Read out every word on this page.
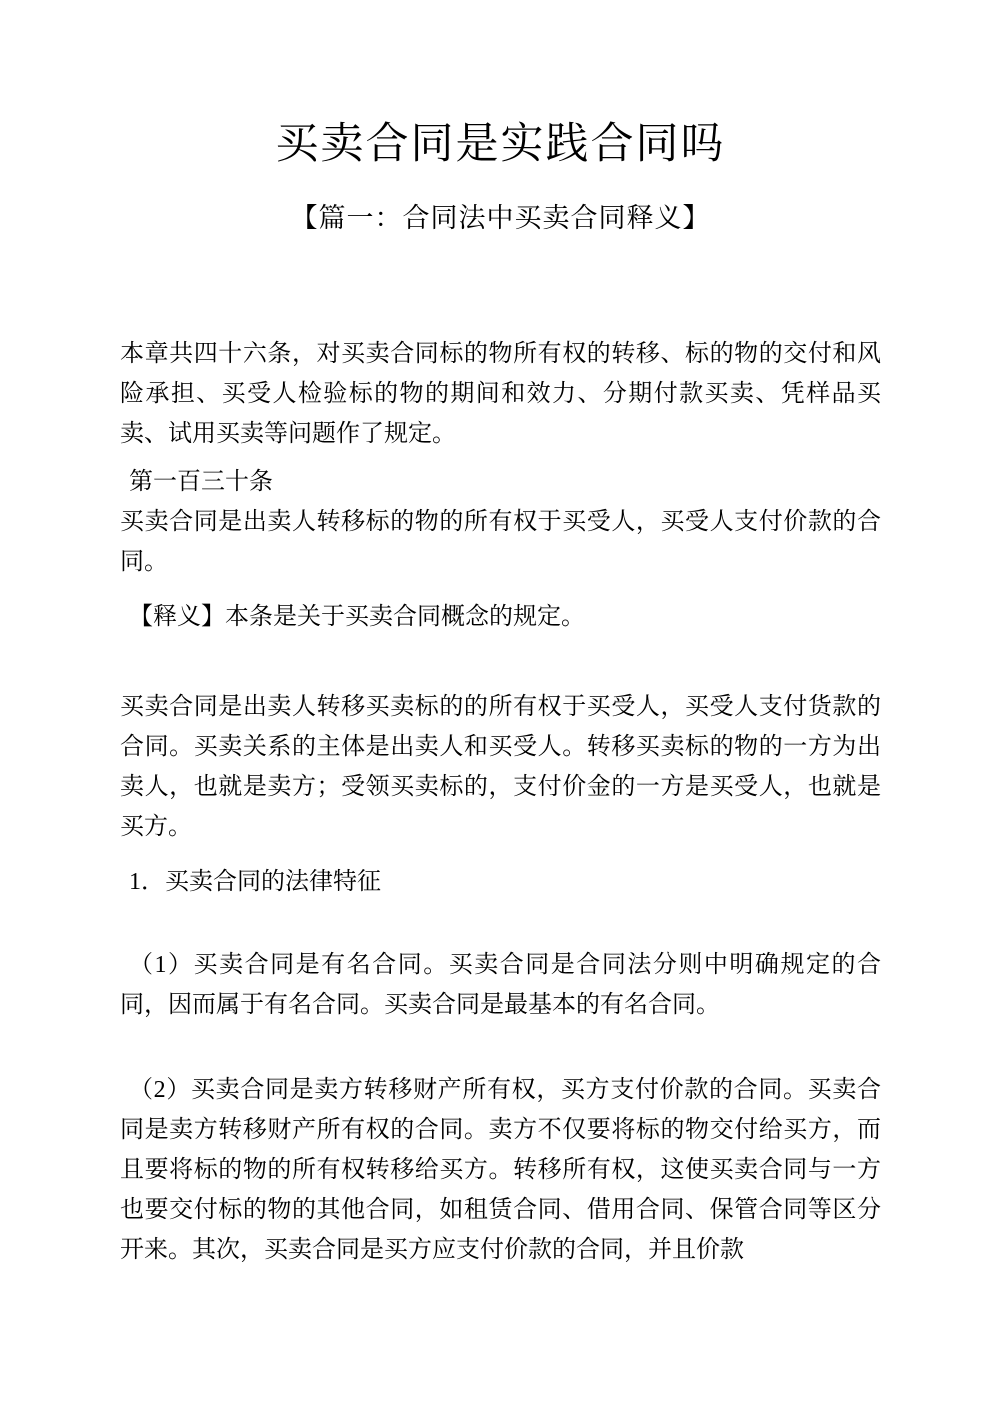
买卖合同是实践合同吗
【篇一：合同法中买卖合同释义】

本章共四十六条，对买卖合同标的物所有权的转移、标的物的交付和风险承担、买受人检验标的物的期间和效力、分期付款买卖、凭样品买卖、试用买卖等问题作了规定。

第一百三十条

买卖合同是出卖人转移标的物的所有权于买受人，买受人支付价款的合同。

【释义】本条是关于买卖合同概念的规定。

买卖合同是出卖人转移买卖标的的所有权于买受人，买受人支付货款的合同。买卖关系的主体是出卖人和买受人。转移买卖标的物的一方为出卖人，也就是卖方；受领买卖标的，支付价金的一方是买受人，也就是买方。

1．买卖合同的法律特征

（1）买卖合同是有名合同。买卖合同是合同法分则中明确规定的合同，因而属于有名合同。买卖合同是最基本的有名合同。

（2）买卖合同是卖方转移财产所有权，买方支付价款的合同。买卖合同是卖方转移财产所有权的合同。卖方不仅要将标的物交付给买方，而且要将标的物的所有权转移给买方。转移所有权，这使买卖合同与一方也要交付标的物的其他合同，如租赁合同、借用合同、保管合同等区分开来。其次，买卖合同是买方应支付价款的合同，并且价款
